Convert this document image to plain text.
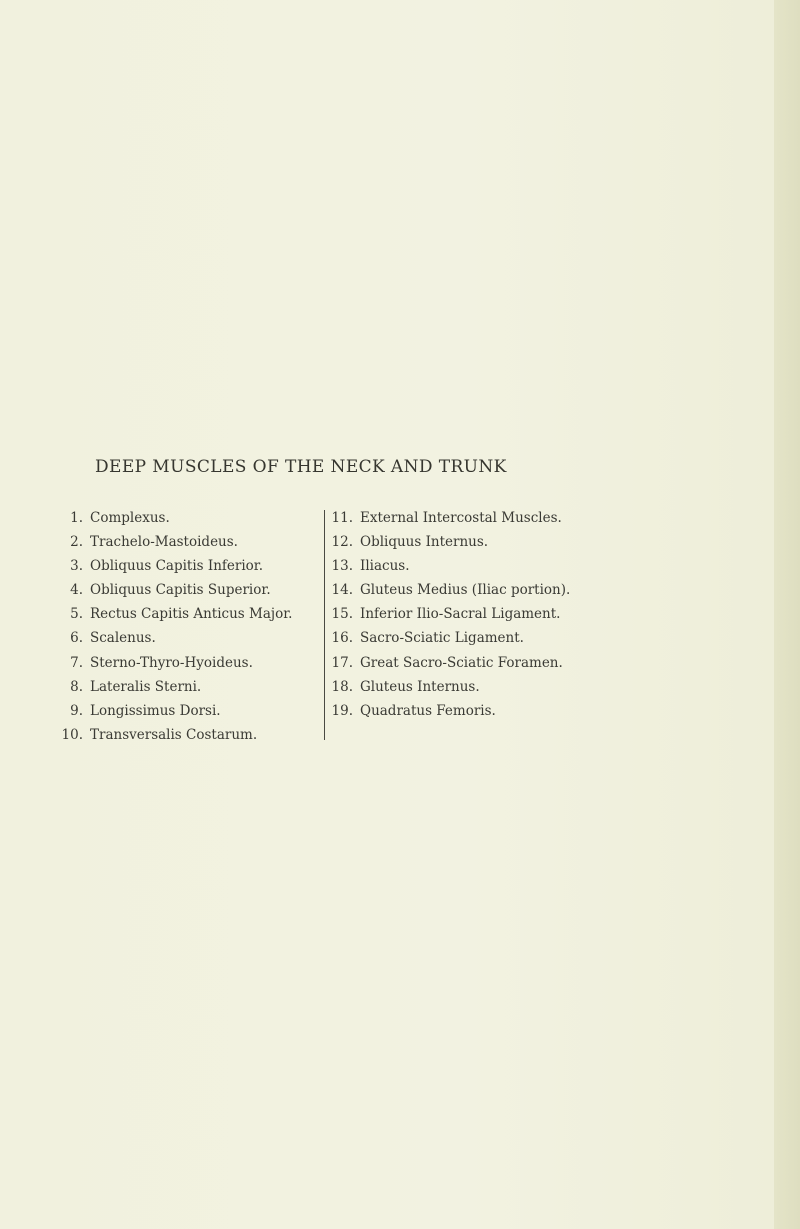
DEEP MUSCLES OF THE NECK AND TRUNK
1. Complexus.
2. Trachelo-Mastoideus.
3. Obliquus Capitis Inferior.
4. Obliquus Capitis Superior.
5. Rectus Capitis Anticus Major.
6. Scalenus.
7. Sterno-Thyro-Hyoideus.
8. Lateralis Sterni.
9. Longissimus Dorsi.
10. Transversalis Costarum.
11. External Intercostal Muscles.
12. Obliquus Internus.
13. Iliacus.
14. Gluteus Medius (Iliac portion).
15. Inferior Ilio-Sacral Ligament.
16. Sacro-Sciatic Ligament.
17. Great Sacro-Sciatic Foramen.
18. Gluteus Internus.
19. Quadratus Femoris.
